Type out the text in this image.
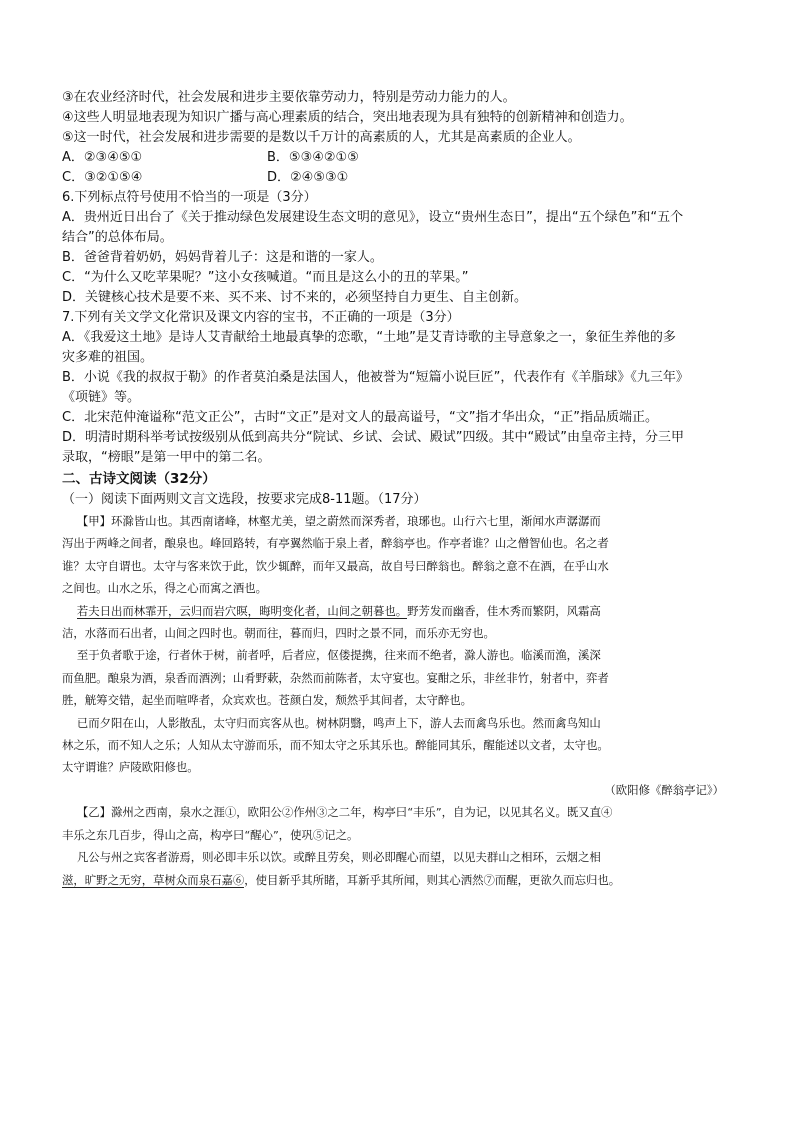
③在农业经济时代，社会发展和进步主要依靠劳动力，特别是劳动力能力的人。

④这些人明显地表现为知识广播与高心理素质的结合，突出地表现为具有独特的创新精神和创造力。

⑤这一时代，社会发展和进步需要的是数以千万计的高素质的人，尤其是高素质的企业人。

A．②③④⑤①	B．⑤③④②①⑤
C．③②①⑤④	D．②④⑤③①

6.下列标点符号使用不恰当的一项是（3分）

A．贵州近日出台了《关于推动绿色发展建设生态文明的意见》，设立“贵州生态日”，提出“五个绿色”和“五个

结合”的总体布局。

B．爸爸背着奶奶，妈妈背着儿子：这是和谐的一家人。

C．“为什么又吃苹果呢？”这小女孩喊道。“而且是这么小的丑的苹果。”

D．关键核心技术是要不来、买不来、讨不来的，必须坚持自力更生、自主创新。

7.下列有关文学文化常识及课文内容的宝书，不正确的一项是（3分）

A．《我爱这土地》是诗人艾青献给土地最真挚的恋歌，“土地”是艾青诗歌的主导意象之一，象征生养他的多

灾多难的祖国。

B．小说《我的叔叔于勒》的作者莫泊桑是法国人，他被誉为“短篇小说巨匠”，代表作有《羊脂球》《九三年》

《项链》等。

C．北宋范仲淹谥称“范文正公”，古时“文正”是对文人的最高谥号，“文”指才华出众，“正”指品质端正。

D．明清时期科举考试按级别从低到高共分“院试、乡试、会试、殿试”四级。其中“殿试”由皇帝主持，分三甲

录取，“榜眼”是第一甲中的第二名。

二、古诗文阅读（32分）

（一）阅读下面两则文言文选段，按要求完成8-11题。（17分）

【甲】环滁皆山也。其西南诸峰，林壑尤美，望之蔚然而深秀者，琅琊也。山行六七里，渐闻水声潺潺而

泻出于两峰之间者，酿泉也。峰回路转，有亭翼然临于泉上者，醉翁亭也。作亭者谁？山之僧智仙也。名之者

谁？太守自谓也。太守与客来饮于此，饮少辄醉，而年又最高，故自号曰醉翁也。醉翁之意不在酒，在乎山水

之间也。山水之乐，得之心而寓之酒也。

若夫日出而林霏开，云归而岩穴暝，晦明变化者，山间之朝暮也。野芳发而幽香，佳木秀而繁阴，风霜高

洁，水落而石出者，山间之四时也。朝而往，暮而归，四时之景不同，而乐亦无穷也。

至于负者歌于途，行者休于树，前者呼，后者应，伛偻提携，往来而不绝者，滁人游也。临溪而渔，溪深

而鱼肥。酿泉为酒，泉香而酒洌；山肴野蔌，杂然而前陈者，太守宴也。宴酣之乐，非丝非竹，射者中，弈者

胜，觥筹交错，起坐而喧哗者，众宾欢也。苍颜白发，颓然乎其间者，太守醉也。

已而夕阳在山，人影散乱，太守归而宾客从也。树林阴翳，鸣声上下，游人去而禽鸟乐也。然而禽鸟知山

林之乐，而不知人之乐；人知从太守游而乐，而不知太守之乐其乐也。醉能同其乐，醒能述以文者，太守也。

太守谓谁？庐陵欧阳修也。

（欧阳修《醉翁亭记》）

【乙】滁州之西南，泉水之涯①，欧阳公②作州③之二年，构亭曰“丰乐”，自为记，以见其名义。既又直④

丰乐之东几百步，得山之高，构亭曰“醒心”，使巩⑤记之。

凡公与州之宾客者游焉，则必即丰乐以饮。或醉且劳矣，则必即醒心而望，以见夫群山之相环，云烟之相

滋，旷野之无穷，草树众而泉石嘉⑥，使目新乎其所睹，耳新乎其所闻，则其心洒然⑦而醒，更欲久而忘归也。
